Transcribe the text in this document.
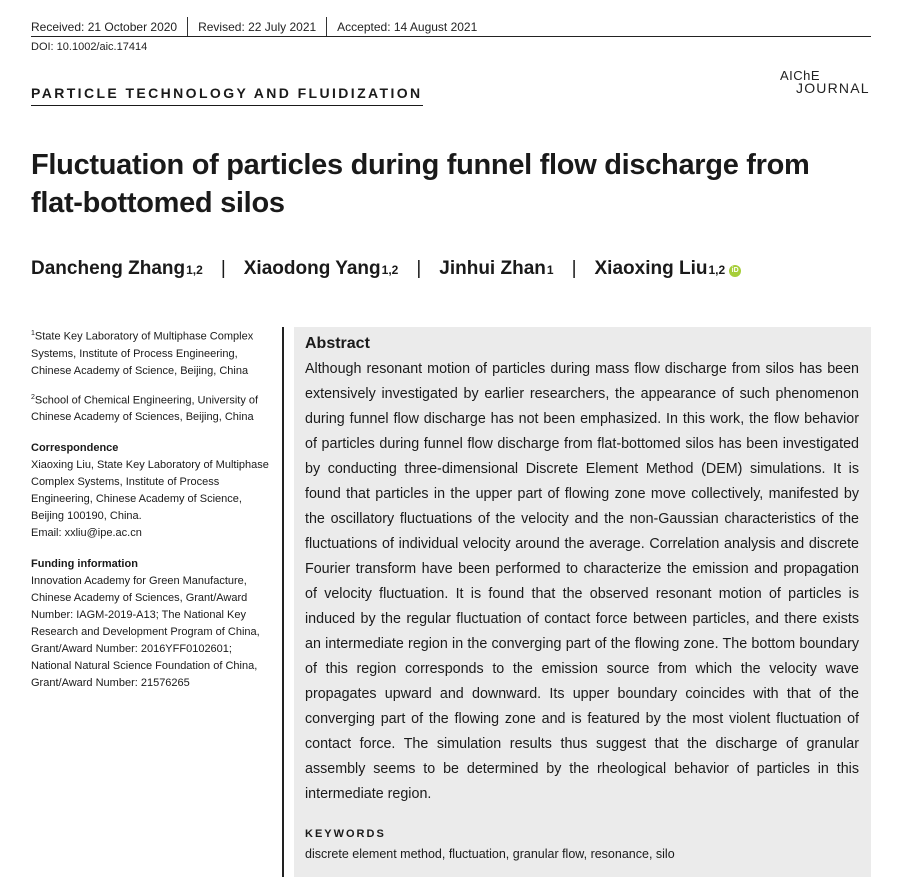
Received: 21 October 2020 Revised: 22 July 2021 Accepted: 14 August 2021
DOI: 10.1002/aic.17414
PARTICLE TECHNOLOGY AND FLUIDIZATION
AIChE
JOURNAL
Fluctuation of particles during funnel flow discharge from flat-bottomed silos
Dancheng Zhang 1,2 | Xiaodong Yang 1,2 | Jinhui Zhan 1 | Xiaoxing Liu 1,2 iD

$^1$State Key Laboratory of Multiphase Complex Systems, Institute of Process Engineering, Chinese Academy of Science, Beijing, China

$^2$School of Chemical Engineering, University of Chinese Academy of Sciences, Beijing, China

Correspondence

Xiaoxing Liu, State Key Laboratory of Multiphase Complex Systems, Institute of Process Engineering, Chinese Academy of Science, Beijing 100190, China.

Email: xxliu@ipe.ac.cn

Funding information

Innovation Academy for Green Manufacture, Chinese Academy of Sciences, Grant/Award Number: IAGM-2019-A13; The National Key Research and Development Program of China, Grant/Award Number: 2016YFF0102601; National Natural Science Foundation of China, Grant/Award Number: 21576265

Abstract
Although resonant motion of particles during mass flow discharge from silos has been extensively investigated by earlier researchers, the appearance of such phenomenon during funnel flow discharge has not been emphasized. In this work, the flow behavior of particles during funnel flow discharge from flat-bottomed silos has been investigated by conducting three-dimensional Discrete Element Method (DEM) simulations. It is found that particles in the upper part of flowing zone move collectively, manifested by the oscillatory fluctuations of the velocity and the non-Gaussian characteristics of the fluctuations of individual velocity around the average. Correlation analysis and discrete Fourier transform have been performed to characterize the emission and propagation of velocity fluctuation. It is found that the observed resonant motion of particles is induced by the regular fluctuation of contact force between particles, and there exists an intermediate region in the converging part of the flowing zone. The bottom boundary of this region corresponds to the emission source from which the velocity wave propagates upward and downward. Its upper boundary coincides with that of the converging part of the flowing zone and is featured by the most violent fluctuation of contact force. The simulation results thus suggest that the discharge of granular assembly seems to be determined by the rheological behavior of particles in this intermediate region.
KEYWORDS
discrete element method, fluctuation, granular flow, resonance, silo
